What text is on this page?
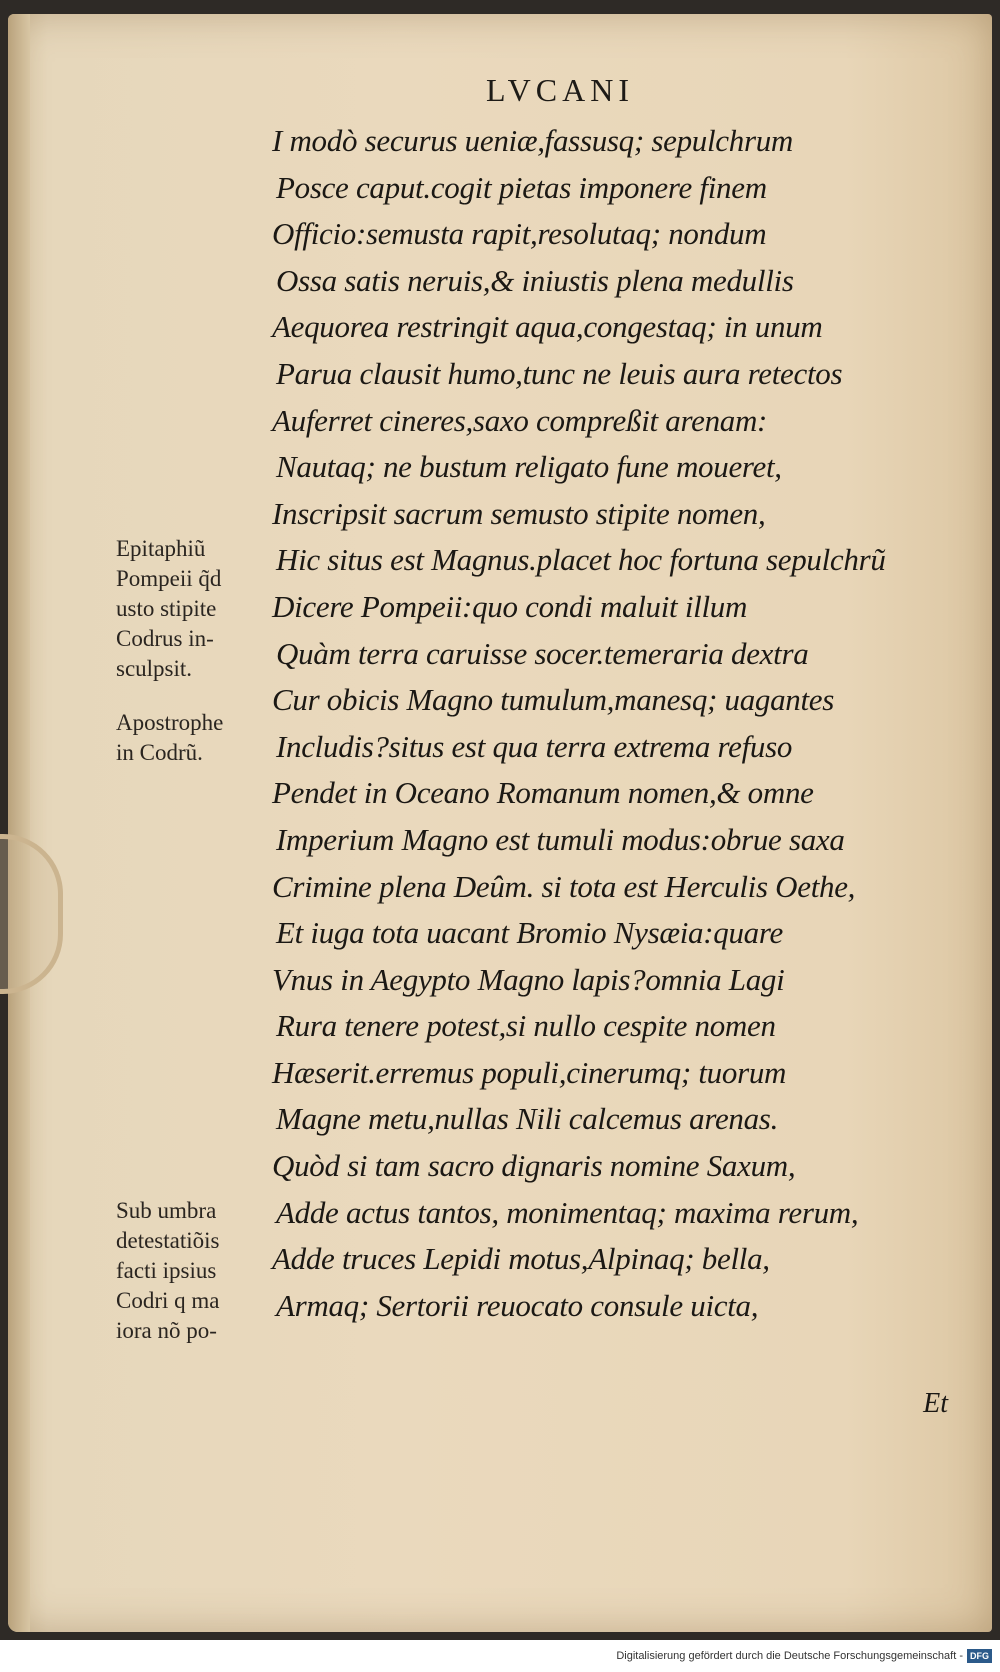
LVCANI
I modò securus ueniæ,fassusq; sepulchrum
Posce caput.cogit pietas imponere finem
Officio:semusta rapit,resolutaq; nondum
Ossa satis neruis,& iniustis plena medullis
Aequorea restringit aqua,congestaq; in unum
Parua clausit humo,tunc ne leuis aura retectos
Auferret cineres,saxo compreßit arenam:
Nautaq; ne bustum religato fune moueret,
Inscripsit sacrum semusto stipite nomen,
Hic situs est Magnus.placet hoc fortuna sepulchrũ
Dicere Pompeii:quo condi maluit illum
Quàm terra caruisse socer.temeraria dextra
Cur obicis Magno tumulum,manesq; uagantes
Includis?situs est qua terra extrema refuso
Pendet in Oceano Romanum nomen,& omne
Imperium Magno est tumuli modus:obrue saxa
Crimine plena Deûm. si tota est Herculis Oethe,
Et iuga tota uacant Bromio Nysæia:quare
Vnus in Aegypto Magno lapis?omnia Lagi
Rura tenere potest,si nullo cespite nomen
Hæserit.erremus populi,cinerumq; tuorum
Magne metu,nullas Nili calcemus arenas.
Quòd si tam sacro dignaris nomine Saxum,
Adde actus tantos, monimentaq; maxima rerum,
Adde truces Lepidi motus,Alpinaq; bella,
Armaq; Sertorii reuocato consule uicta,
Epitaphiũ
Pompeii q̃d
usto stipite
Codrus in-
sculpsit.
Apostrophe
in Codrũ.
Sub umbra
detestatiõis
facti ipsius
Codri q ma
iora nõ po-
Et
Digitalisierung gefördert durch die Deutsche Forschungsgemeinschaft - DFG
